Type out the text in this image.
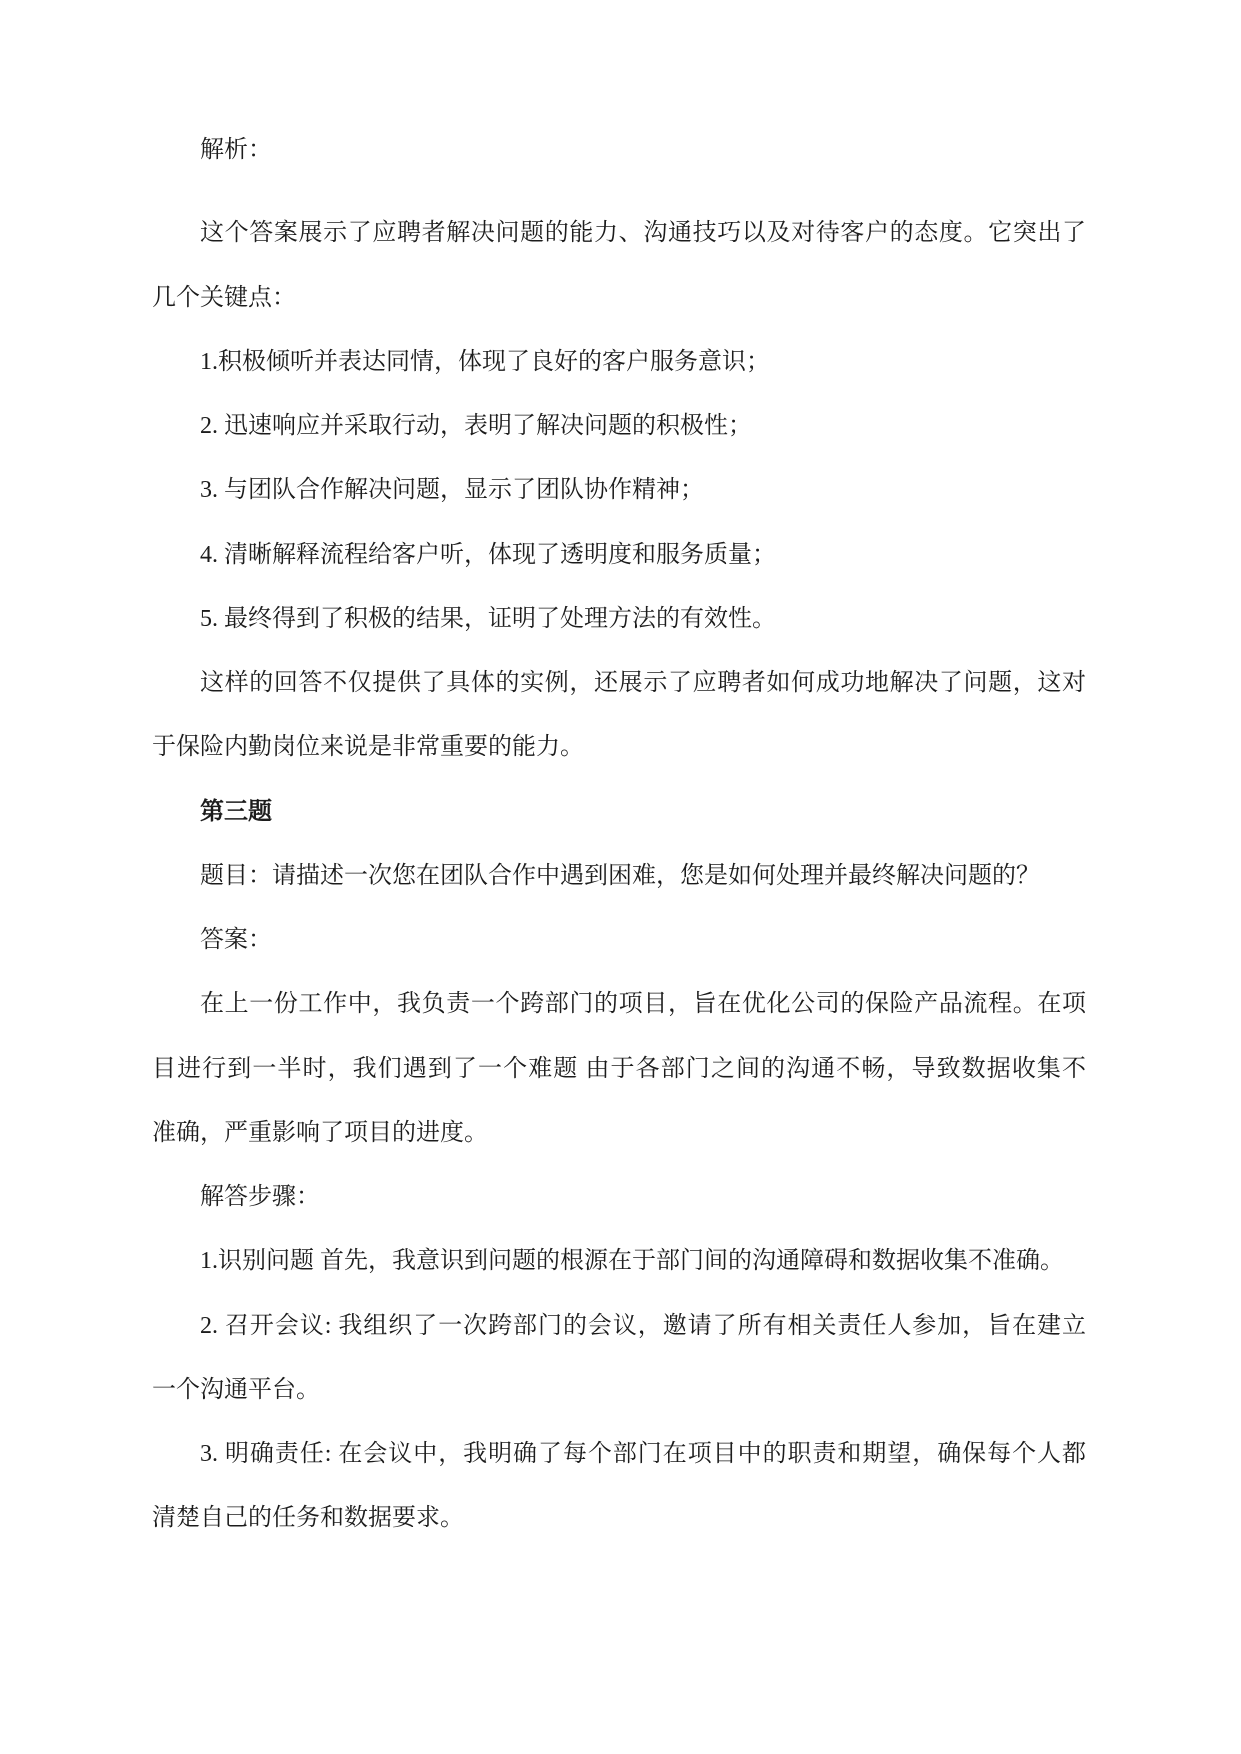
解析：

这个答案展示了应聘者解决问题的能力、沟通技巧以及对待客户的态度。它突出了
几个关键点：

1.积极倾听并表达同情，体现了良好的客户服务意识；
2. 迅速响应并采取行动，表明了解决问题的积极性；
3. 与团队合作解决问题，显示了团队协作精神；
4. 清晰解释流程给客户听，体现了透明度和服务质量；
5. 最终得到了积极的结果，证明了处理方法的有效性。

这样的回答不仅提供了具体的实例，还展示了应聘者如何成功地解决了问题，这对
于保险内勤岗位来说是非常重要的能力。

第三题

题目：请描述一次您在团队合作中遇到困难，您是如何处理并最终解决问题的？

答案：

在上一份工作中，我负责一个跨部门的项目，旨在优化公司的保险产品流程。在项
目进行到一半时，我们遇到了一个难题 由于各部门之间的沟通不畅，导致数据收集不
准确，严重影响了项目的进度。

解答步骤：

1.识别问题 首先，我意识到问题的根源在于部门间的沟通障碍和数据收集不准确。

2. 召开会议: 我组织了一次跨部门的会议，邀请了所有相关责任人参加，旨在建立
一个沟通平台。

3. 明确责任: 在会议中，我明确了每个部门在项目中的职责和期望，确保每个人都
清楚自己的任务和数据要求。
